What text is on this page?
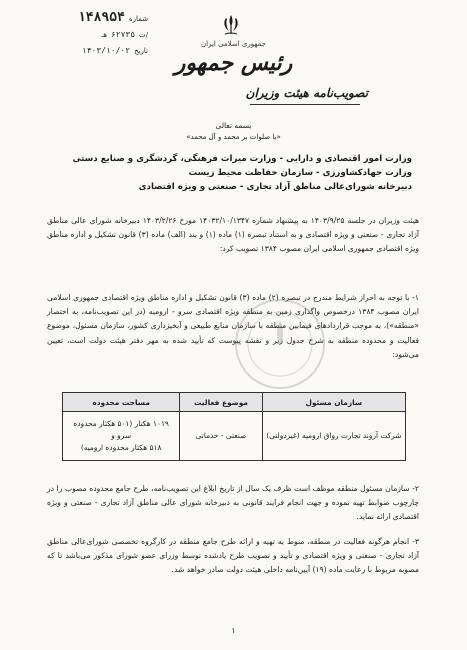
شماره
۱۴۸۹۵۴
/ت
۶۲۷۳۵
هـ
تاریخ
۱۴۰۳/۱۰/۰۲
جمهوری اسلامی ایران
رئیس جمهور
تصویب‌نامه هیئت وزیران
بسمه تعالی
«با صلوات بر محمد و آل محمد»
وزارت امور اقتصادی و دارایی - وزارت میراث فرهنگی، گردشگری و صنایع دستی
وزارت جهادکشاورزی - سازمان حفاظت محیط زیست
دبیرخانه شورای‌عالی مناطق آزاد تجاری - صنعتی و ویژه اقتصادی
هیئت وزیران در جلسه ۱۴۰۳/۹/۲۵ به پیشنهاد شماره ۱۴۰۳۲/۱۰/۱۳۴۷ مورخ ۱۴۰۳/۲/۲۶ دبیرخانه شورای عالی مناطق آزاد تجاری - صنعتی و ویژه اقتصادی و به استناد تبصره (۱) ماده (۱) و بند (الف) ماده (۳) قانون تشکیل و اداره مناطق ویژه اقتصادی جمهوری اسلامی ایران مصوب ۱۳۸۴ تصویب کرد:
۱- با توجه به احراز شرایط مندرج در تبصره (۲) ماده (۳) قانون تشکیل و اداره مناطق ویژه اقتصادی جمهوری اسلامی ایران مصوب ۱۳۸۴ درخصوص واگذاری زمین به منطقه ویژه اقتصادی سرو - ارومیه (در این تصویب‌نامه، به اختصار «منطقه»)، به موجب قراردادهای فیمابین منطقه با سازمان منابع طبیعی و آبخیزداری کشور، سازمان مسئول، موضوع فعالیت و محدوده منطقه به شرح جدول زیر و نقشه پیوست که تأیید شده به مهر دفتر هیئت دولت است، تعیین می‌شود:
سازمان مسئول	موضوع فعالیت	مساحت محدوده
شرکت آروند تجارت رواق ارومیه (غیردولتی)	صنعتی - خدماتی	۱۰۱۹ هکتار (۵۰۱ هکتار محدوده سرو و
۵۱۸ هکتار محدوده ارومیه)
۲- سازمان مسئول منطقه موظف است ظرف یک سال از تاریخ ابلاغ این تصویب‌نامه، طرح جامع محدوده مصوب را در چارچوب ضوابط تهیه نموده و جهت انجام فرایند قانونی به دبیرخانه شورای عالی مناطق آزاد تجاری - صنعتی و ویژه اقتصادی ارائه نماید.
۳- انجام هرگونه فعالیت در منطقه، منوط به تهیه و ارائه طرح جامع منطقه در کارگروه تخصصی شورای‌عالی مناطق آزاد تجاری - صنعتی و ویژه اقتصادی و تأیید و تصویب طرح یادشده توسط وزرای عضو شورای مذکور می‌باشد تا که مصوبه مربوط با رعایت ماده (۱۹) آیین‌نامه داخلی هیئت دولت صادر خواهد شد.
۱
